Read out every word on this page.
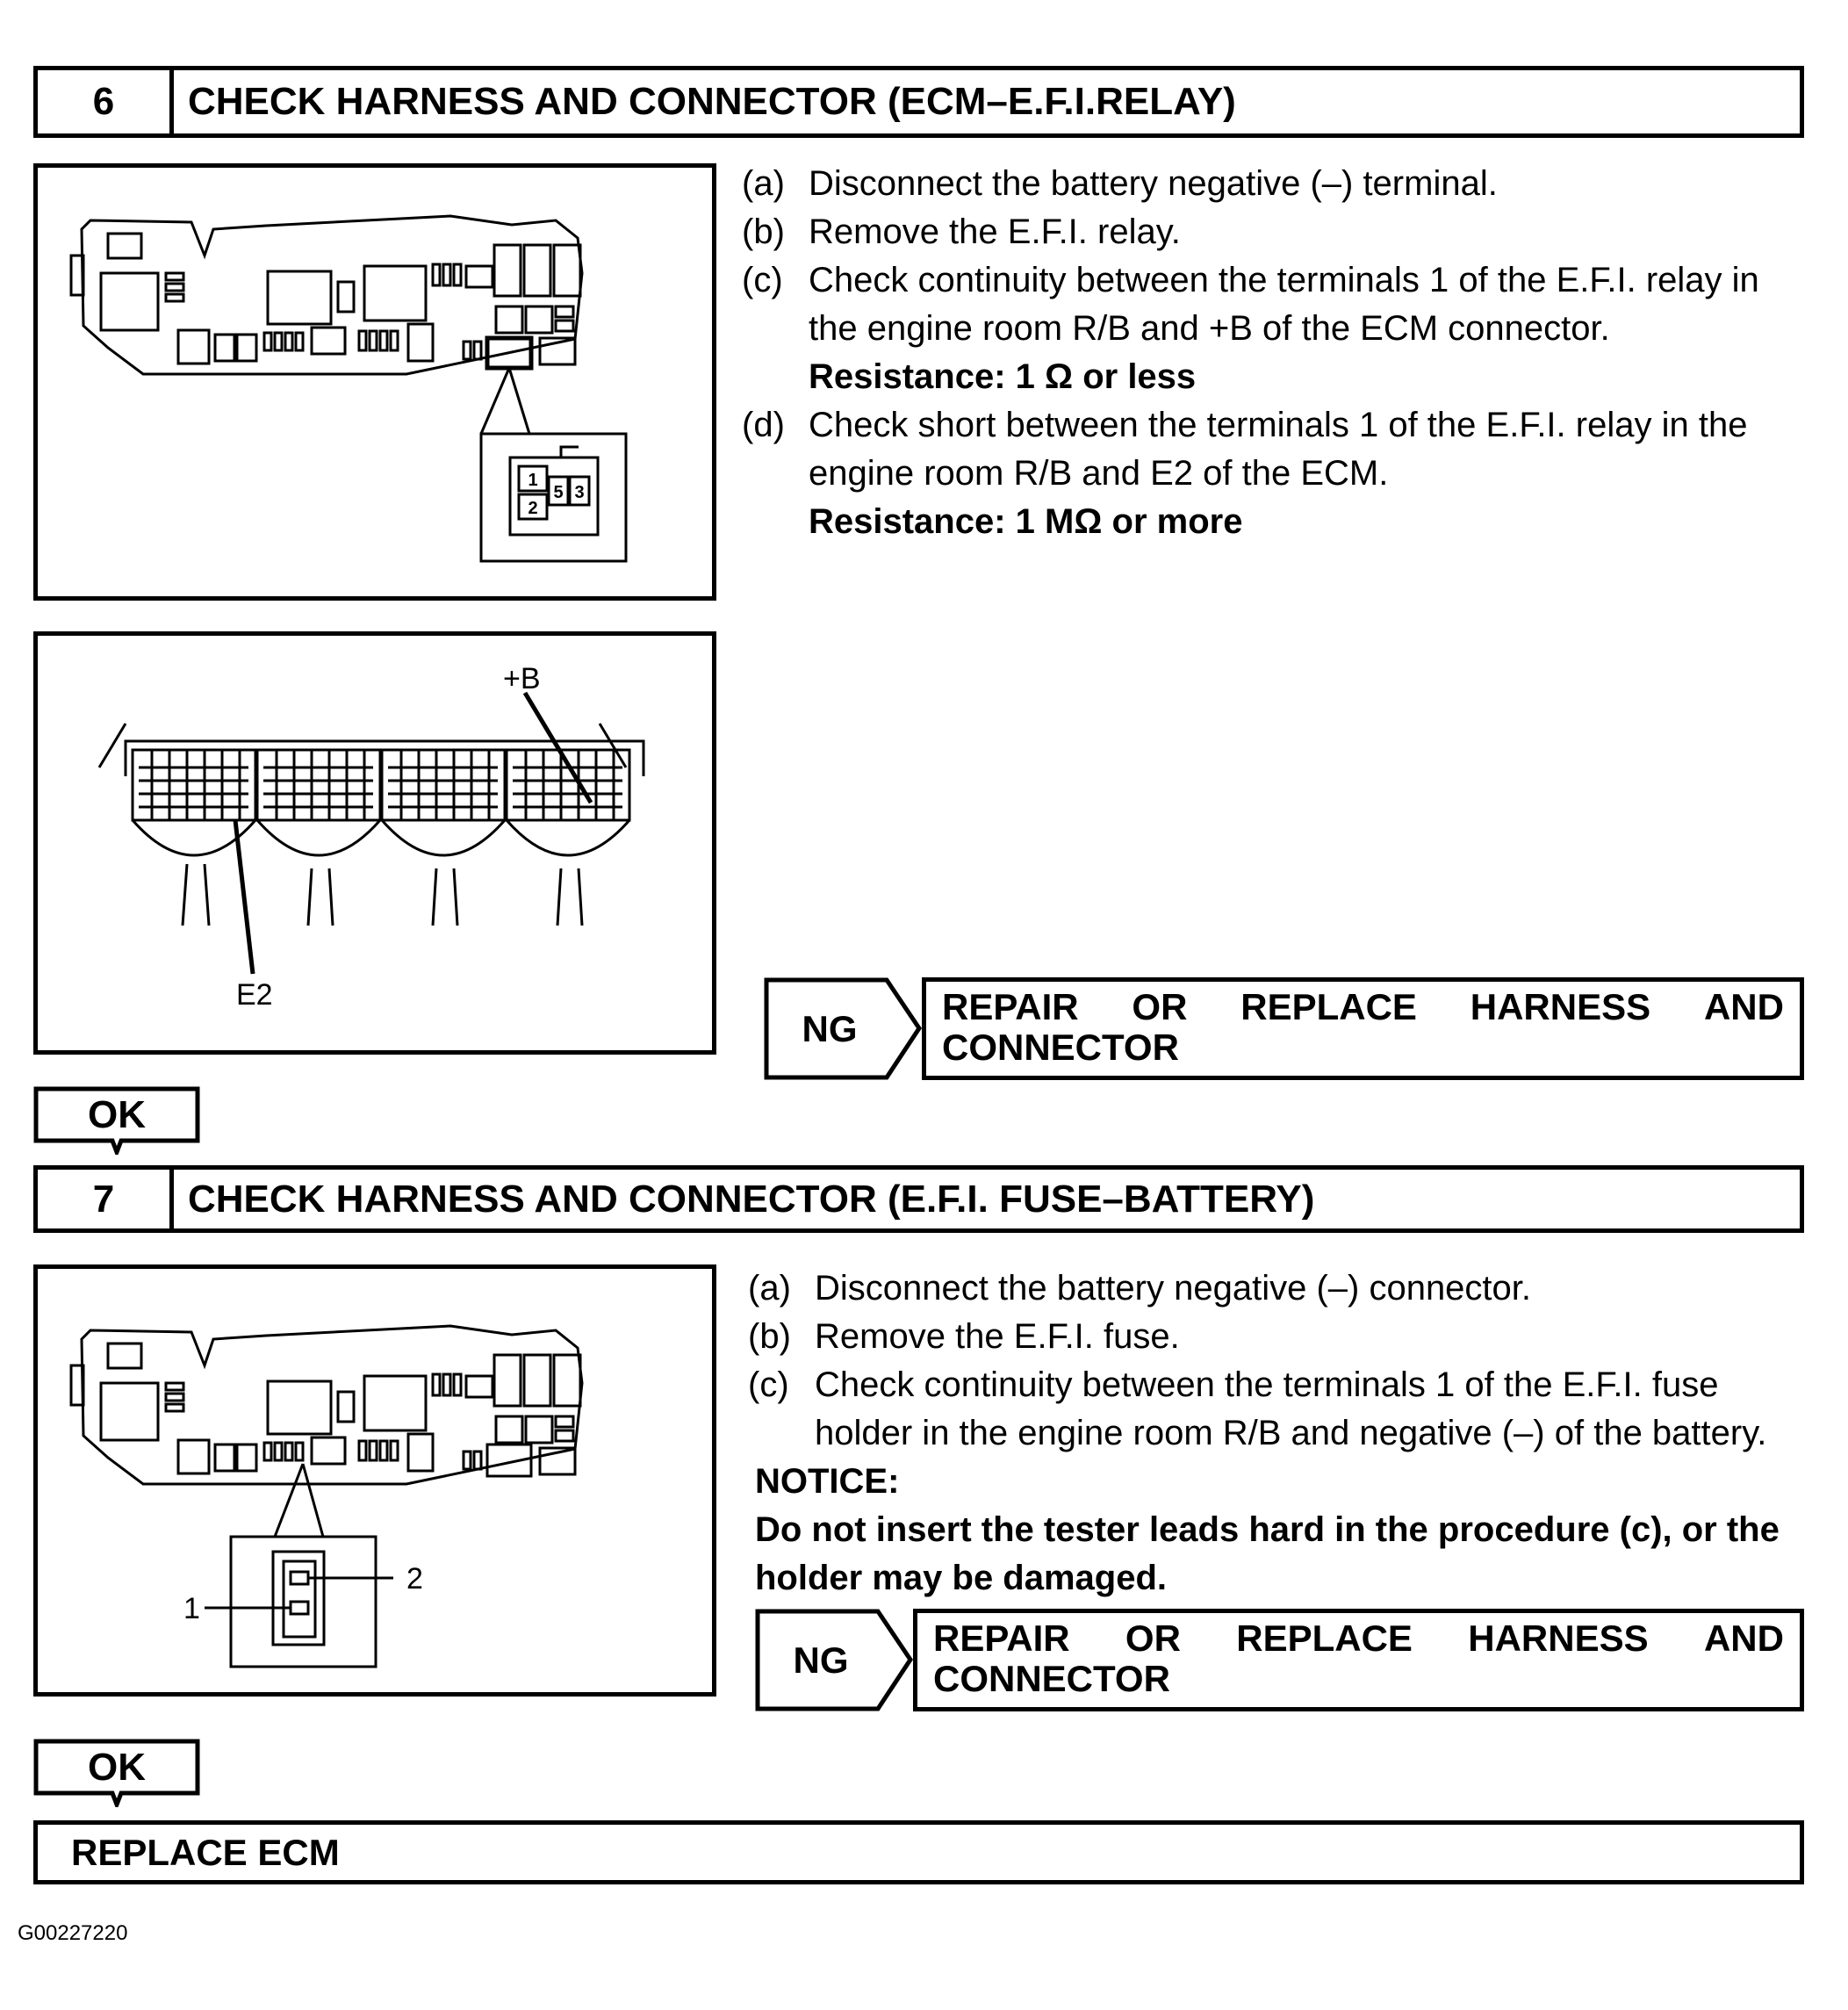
6	CHECK HARNESS AND CONNECTOR (ECM–E.F.I.RELAY)
1
2
5 3
(a) Disconnect the battery negative (–) terminal.
(b) Remove the E.F.I. relay.
(c) Check continuity between the terminals 1 of the E.F.I. relay in the engine room R/B and +B of the ECM connector.
Resistance: 1 Ω or less
(d) Check short between the terminals 1 of the E.F.I. relay in the engine room R/B and E2 of the ECM.
Resistance: 1 MΩ or more
+B
E2
NG
REPAIR OR REPLACE HARNESS AND
CONNECTOR
OK
7	CHECK HARNESS AND CONNECTOR (E.F.I. FUSE–BATTERY)
2
1
(a) Disconnect the battery negative (–) connector.
(b) Remove the E.F.I. fuse.
(c) Check continuity between the terminals 1 of the E.F.I. fuse holder in the engine room R/B and negative (–) of the battery.
NOTICE:
Do not insert the tester leads hard in the procedure (c), or the holder may be damaged.
NG
REPAIR OR REPLACE HARNESS AND
CONNECTOR
OK
REPLACE ECM
G00227220
